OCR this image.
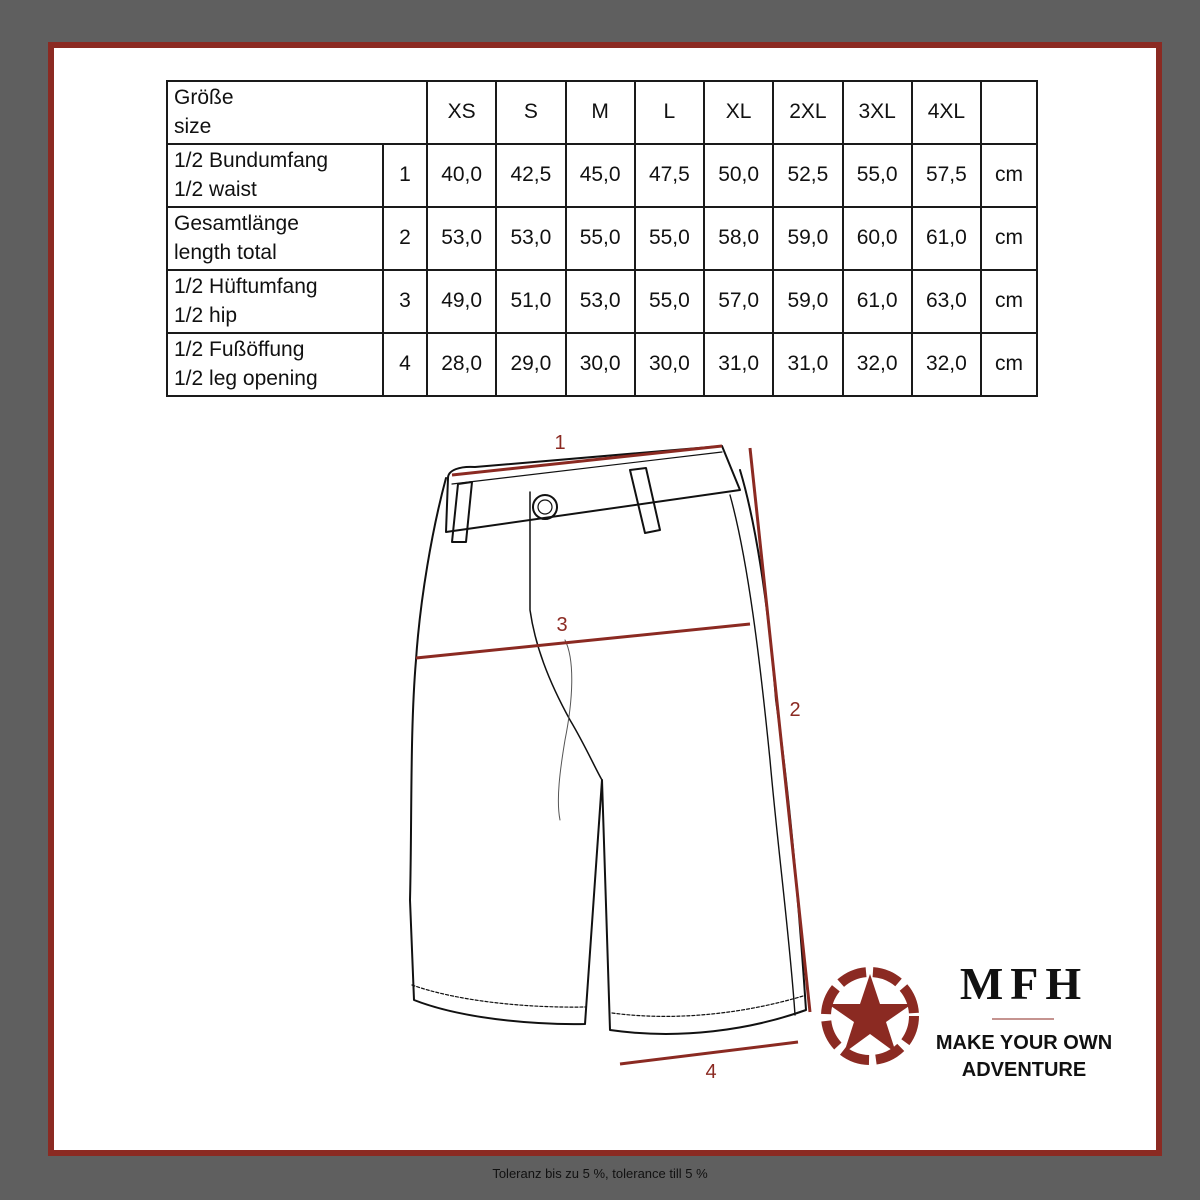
Größe
size		XS	S	M	L	XL	2XL	3XL	4XL	

1/2 Bundumfang
1/2 waist	1	40,0	42,5	45,0	47,5	50,0	52,5	55,0	57,5	cm

Gesamtlänge
length total	2	53,0	53,0	55,0	55,0	58,0	59,0	60,0	61,0	cm

1/2 Hüftumfang
1/2 hip	3	49,0	51,0	53,0	55,0	57,0	59,0	61,0	63,0	cm

1/2 Fußöffung
1/2 leg opening	4	28,0	29,0	30,0	30,0	31,0	31,0	32,0	32,0	cm
1
2
3
4
MFH
MAKE YOUR OWN
ADVENTURE
Toleranz bis zu 5 %, tolerance till 5 %
